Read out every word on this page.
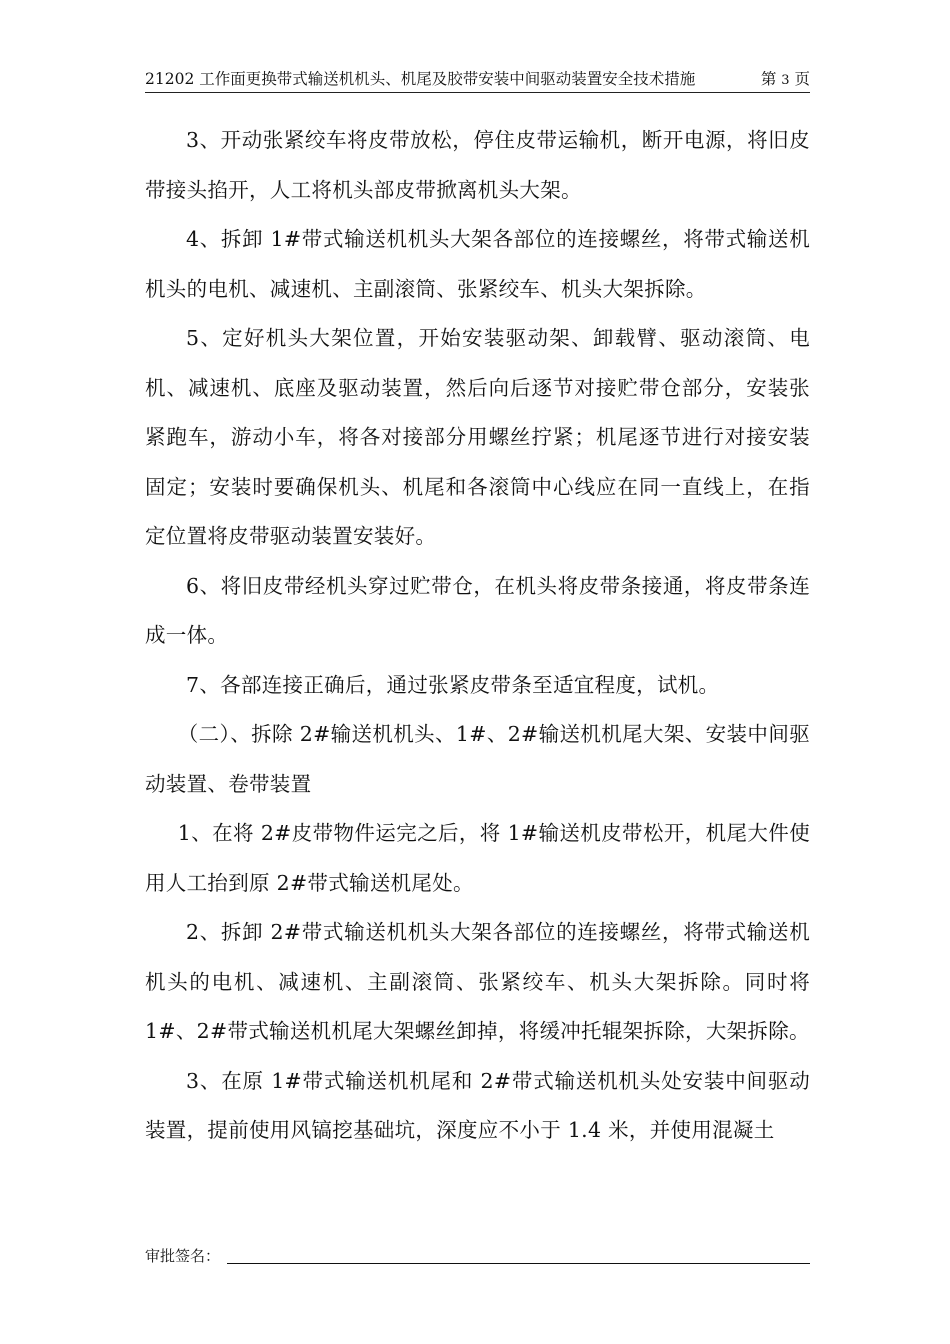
21202 工作面更换带式输送机机头、机尾及胶带安装中间驱动装置安全技术措施	第 3 页

3、开动张紧绞车将皮带放松，停住皮带运输机，断开电源，将旧皮带接头掐开，人工将机头部皮带掀离机头大架。

4、拆卸 1#带式输送机机头大架各部位的连接螺丝，将带式输送机机头的电机、减速机、主副滚筒、张紧绞车、机头大架拆除。

5、定好机头大架位置，开始安装驱动架、卸载臂、驱动滚筒、电机、减速机、底座及驱动装置，然后向后逐节对接贮带仓部分，安装张紧跑车，游动小车，将各对接部分用螺丝拧紧；机尾逐节进行对接安装固定；安装时要确保机头、机尾和各滚筒中心线应在同一直线上，在指定位置将皮带驱动装置安装好。

6、将旧皮带经机头穿过贮带仓，在机头将皮带条接通，将皮带条连成一体。

7、各部连接正确后，通过张紧皮带条至适宜程度，试机。

（二）、拆除 2#输送机机头、1#、2#输送机机尾大架、安装中间驱动装置、卷带装置

1、在将 2#皮带物件运完之后，将 1#输送机皮带松开，机尾大件使用人工抬到原 2#带式输送机尾处。

2、拆卸 2#带式输送机机头大架各部位的连接螺丝，将带式输送机机头的电机、减速机、主副滚筒、张紧绞车、机头大架拆除。同时将 1#、2#带式输送机机尾大架螺丝卸掉，将缓冲托辊架拆除，大架拆除。

3、在原 1#带式输送机机尾和 2#带式输送机机头处安装中间驱动装置，提前使用风镐挖基础坑，深度应不小于 1.4 米，并使用混凝土

审批签名：
